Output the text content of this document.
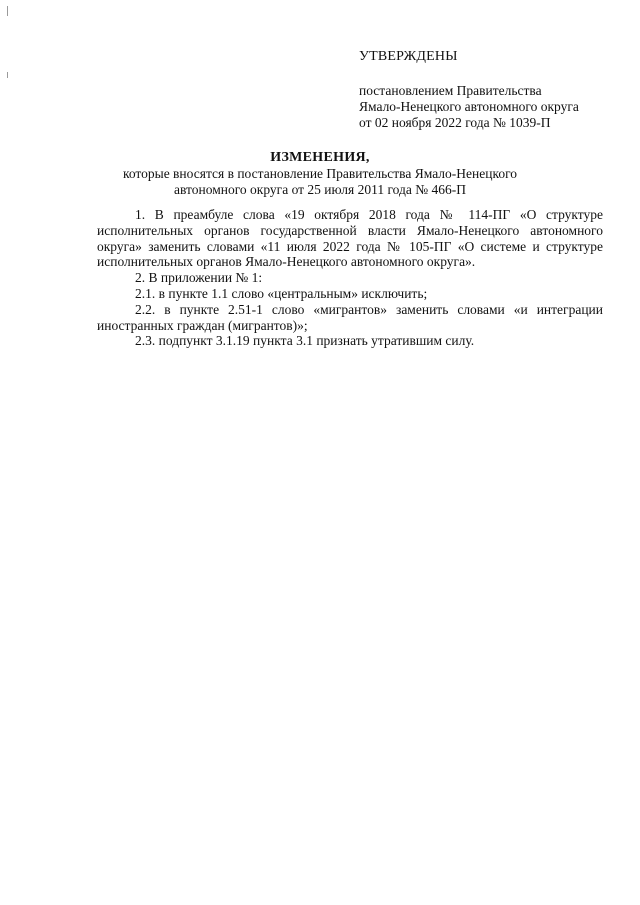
УТВЕРЖДЕНЫ
постановлением Правительства
Ямало-Ненецкого автономного округа
от 02 ноября 2022 года № 1039-П
ИЗМЕНЕНИЯ,
которые вносятся в постановление Правительства Ямало-Ненецкого автономного округа от 25 июля 2011 года № 466-П

1. В преамбуле слова «19 октября 2018 года № 114-ПГ «О структуре исполнительных органов государственной власти Ямало-Ненецкого автономного округа» заменить словами «11 июля 2022 года № 105-ПГ «О системе и структуре исполнительных органов Ямало-Ненецкого автономного округа».

2. В приложении № 1:

2.1. в пункте 1.1 слово «центральным» исключить;

2.2. в пункте 2.51-1 слово «мигрантов» заменить словами «и интеграции иностранных граждан (мигрантов)»;

2.3. подпункт 3.1.19 пункта 3.1 признать утратившим силу.
